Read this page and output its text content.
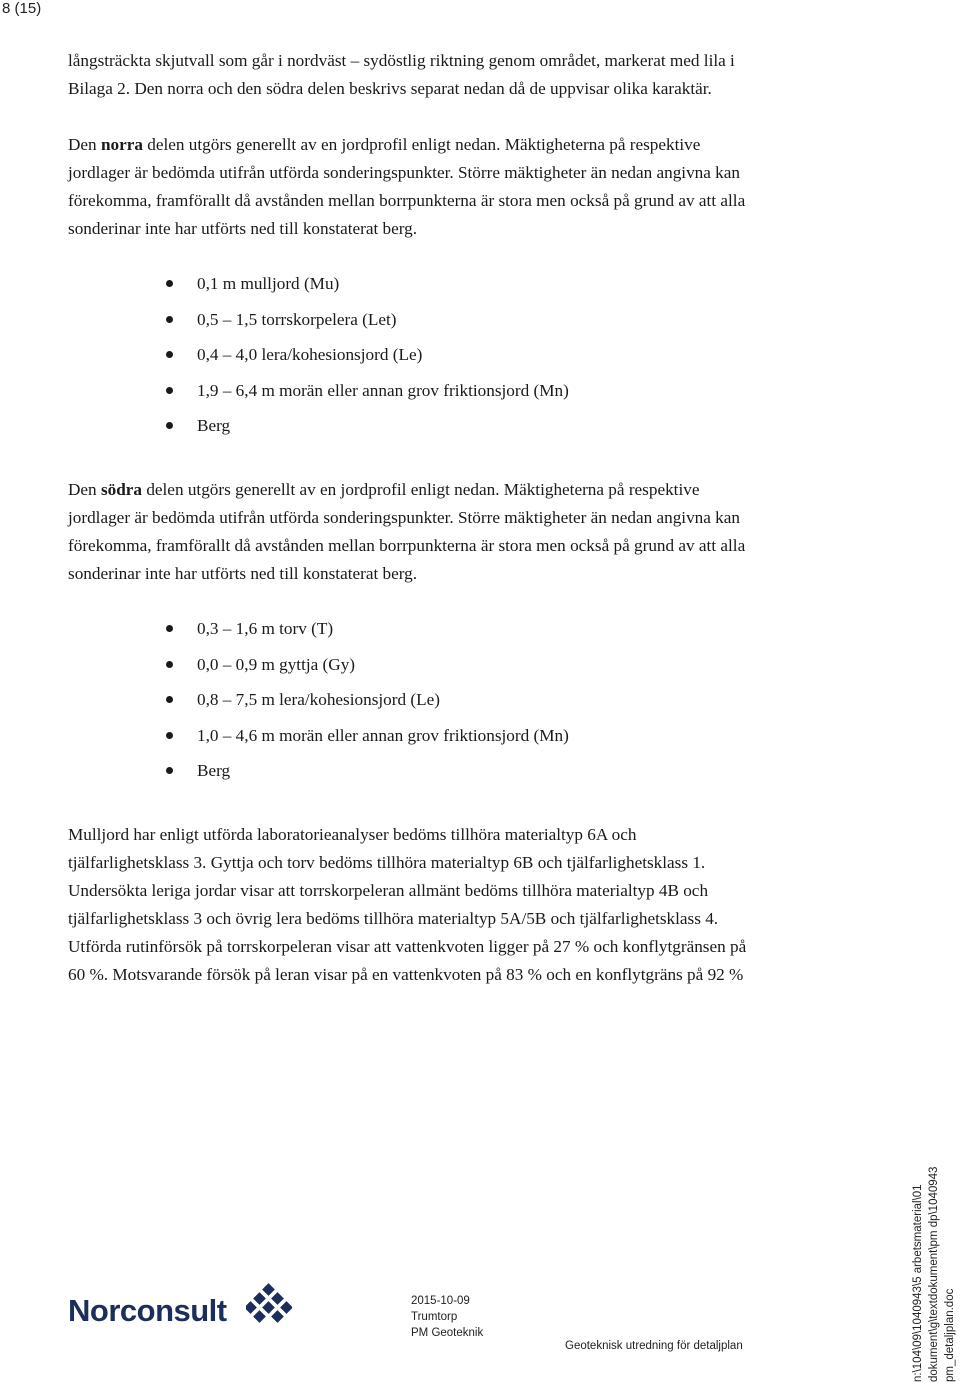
8 (15)

långsträckta skjutvall som går i nordväst – sydöstlig riktning genom området, markerat med lila i Bilaga 2. Den norra och den södra delen beskrivs separat nedan då de uppvisar olika karaktär.

Den norra delen utgörs generellt av en jordprofil enligt nedan. Mäktigheterna på respektive jordlager är bedömda utifrån utförda sonderingspunkter. Större mäktigheter än nedan angivna kan förekomma, framförallt då avstånden mellan borrpunkterna är stora men också på grund av att alla sonderinar inte har utförts ned till konstaterat berg.

0,1 m mulljord (Mu)
0,5 – 1,5 torrskorpelera (Let)
0,4 – 4,0 lera/kohesionsjord (Le)
1,9 – 6,4 m morän eller annan grov friktionsjord (Mn)
Berg

Den södra delen utgörs generellt av en jordprofil enligt nedan. Mäktigheterna på respektive jordlager är bedömda utifrån utförda sonderingspunkter. Större mäktigheter än nedan angivna kan förekomma, framförallt då avstånden mellan borrpunkterna är stora men också på grund av att alla sonderinar inte har utförts ned till konstaterat berg.

0,3 – 1,6 m torv (T)
0,0 – 0,9 m gyttja (Gy)
0,8 – 7,5 m lera/kohesionsjord (Le)
1,0 – 4,6 m morän eller annan grov friktionsjord (Mn)
Berg

Mulljord har enligt utförda laboratorieanalyser bedöms tillhöra materialtyp 6A och tjälfarlighetsklass 3. Gyttja och torv bedöms tillhöra materialtyp 6B och tjälfarlighetsklass 1. Undersökta leriga jordar visar att torrskorpeleran allmänt bedöms tillhöra materialtyp 4B och tjälfarlighetsklass 3 och övrig lera bedöms tillhöra materialtyp 5A/5B och tjälfarlighetsklass 4. Utförda rutinförsök på torrskorpeleran visar att vattenkvoten ligger på 27 % och konflytgränsen på 60 %. Motsvarande försök på leran visar på en vattenkvoten på 83 % och en konflytgräns på 92 %

Norconsult	2015-10-09
Trumtorp
PM Geoteknik
Geoteknisk utredning för detaljplan	n:\104\09\1040943\5 arbetsmaterial\01 dokument\g\textdokument\pm dp\1040943 pm_detaljplan.doc
